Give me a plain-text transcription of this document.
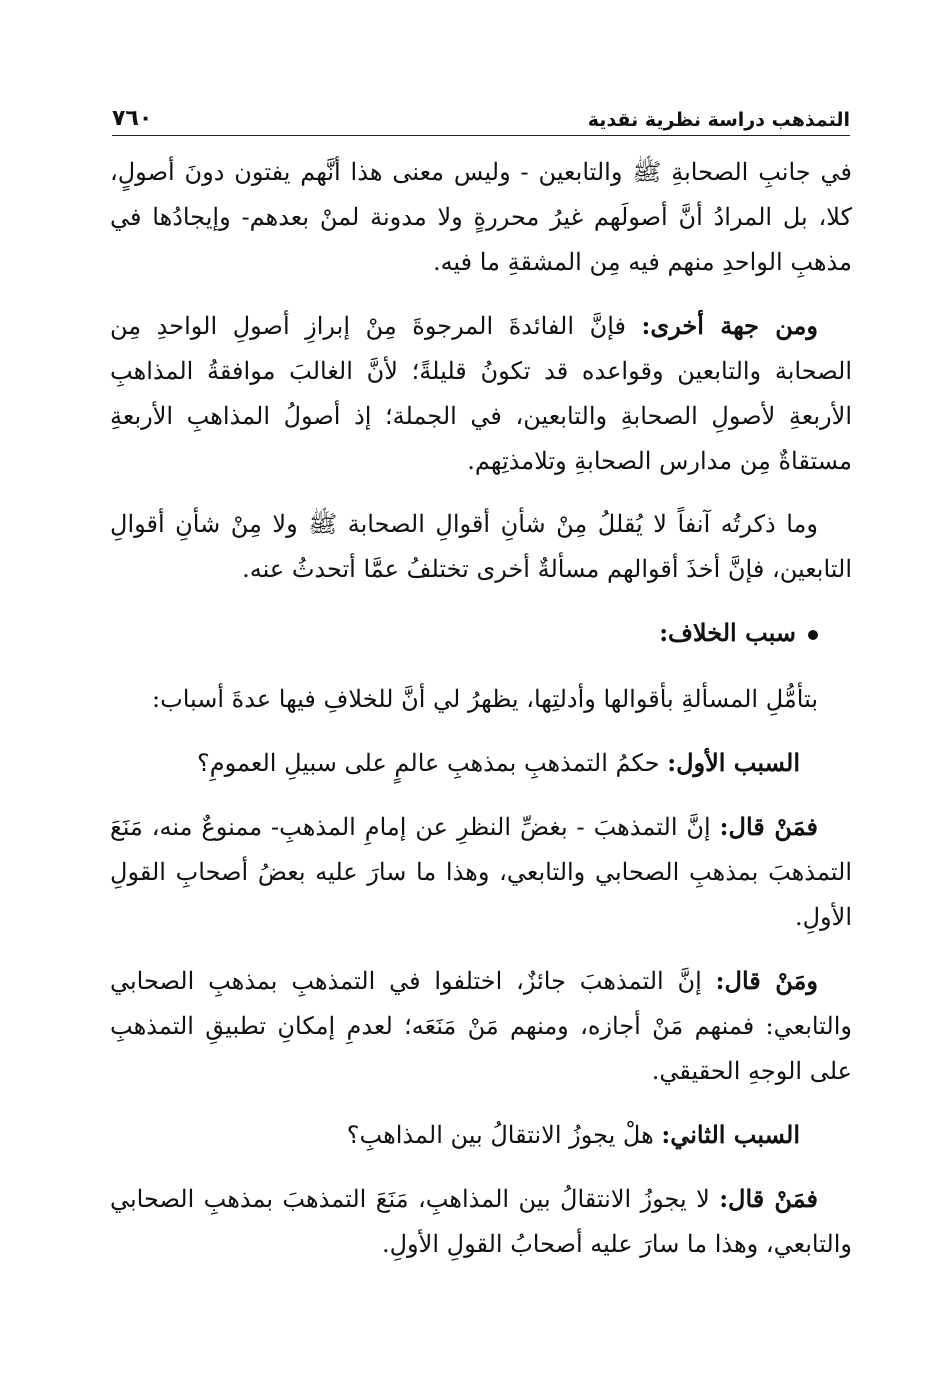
التمذهب دراسة نظرية نقدية
٧٦٠

في جانبِ الصحابةِ ﷺ والتابعين - وليس معنى هذا أنَّهم يفتون دونَ أصولٍ، كلا، بل المرادُ أنَّ أصولَهم غيرُ محررةٍ ولا مدونة لمنْ بعدهم- وإيجادُها في مذهبِ الواحدِ منهم فيه مِن المشقةِ ما فيه.

ومن جهة أخرى: فإنَّ الفائدةَ المرجوةَ مِنْ إبرازِ أصولِ الواحدِ مِن الصحابة والتابعين وقواعده قد تكونُ قليلةً؛ لأنَّ الغالبَ موافقةُ المذاهبِ الأربعةِ لأصولِ الصحابةِ والتابعين، في الجملة؛ إذ أصولُ المذاهبِ الأربعةِ مستقاةٌ مِن مدارس الصحابةِ وتلامذتِهم.

وما ذكرتُه آنفاً لا يُقللُ مِنْ شأنِ أقوالِ الصحابة ﷺ ولا مِنْ شأنِ أقوالِ التابعين، فإنَّ أخذَ أقوالهم مسألةٌ أخرى تختلفُ عمَّا أتحدثُ عنه.

سبب الخلاف:

بتأمُّلِ المسألةِ بأقوالها وأدلتِها، يظهرُ لي أنَّ للخلافِ فيها عدةَ أسباب:

السبب الأول: حكمُ التمذهبِ بمذهبِ عالمٍ على سبيلِ العمومِ؟

فمَنْ قال: إنَّ التمذهبَ - بغضِّ النظرِ عن إمامِ المذهبِ- ممنوعٌ منه، مَنَعَ التمذهبَ بمذهبِ الصحابي والتابعي، وهذا ما سارَ عليه بعضُ أصحابِ القولِ الأولِ.

ومَنْ قال: إنَّ التمذهبَ جائزٌ، اختلفوا في التمذهبِ بمذهبِ الصحابي والتابعي: فمنهم مَنْ أجازه، ومنهم مَنْ مَنَعَه؛ لعدمِ إمكانِ تطبيقِ التمذهبِ على الوجهِ الحقيقي.

السبب الثاني: هلْ يجوزُ الانتقالُ بين المذاهبِ؟

فمَنْ قال: لا يجوزُ الانتقالُ بين المذاهبِ، مَنَعَ التمذهبَ بمذهبِ الصحابي والتابعي، وهذا ما سارَ عليه أصحابُ القولِ الأولِ.
